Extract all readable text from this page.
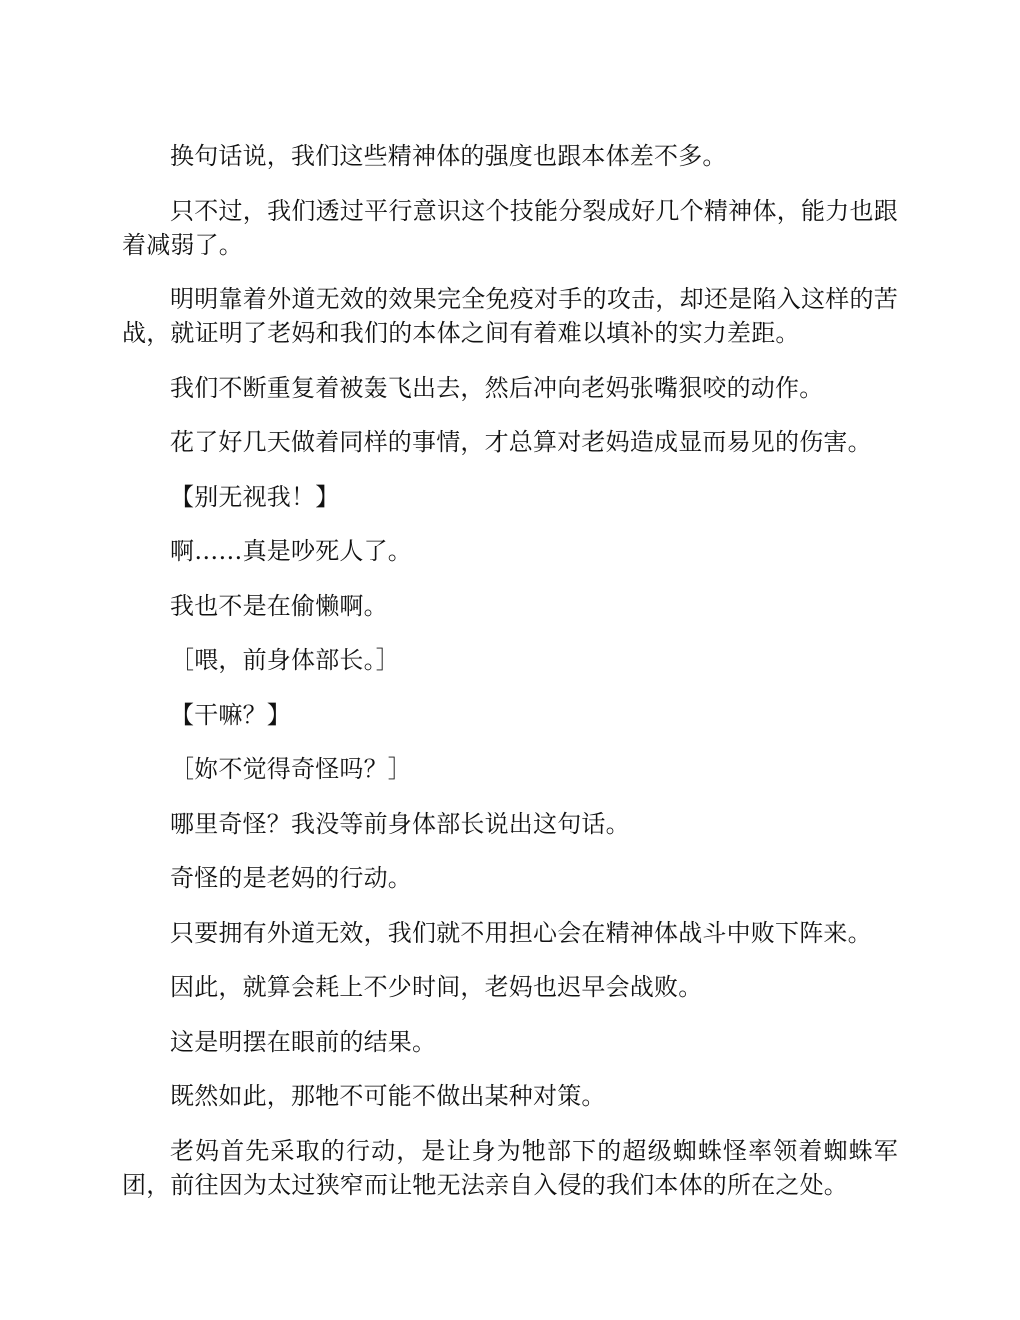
换句话说，我们这些精神体的强度也跟本体差不多。

只不过，我们透过平行意识这个技能分裂成好几个精神体，能力也跟着减弱了。

明明靠着外道无效的效果完全免疫对手的攻击，却还是陷入这样的苦战，就证明了老妈和我们的本体之间有着难以填补的实力差距。

我们不断重复着被轰飞出去，然后冲向老妈张嘴狠咬的动作。

花了好几天做着同样的事情，才总算对老妈造成显而易见的伤害。

【别无视我！】

啊……真是吵死人了。

我也不是在偷懒啊。

［喂，前身体部长。］

【干嘛？】

［妳不觉得奇怪吗？］

哪里奇怪？我没等前身体部长说出这句话。

奇怪的是老妈的行动。

只要拥有外道无效，我们就不用担心会在精神体战斗中败下阵来。

因此，就算会耗上不少时间，老妈也迟早会战败。

这是明摆在眼前的结果。

既然如此，那牠不可能不做出某种对策。

老妈首先采取的行动，是让身为牠部下的超级蜘蛛怪率领着蜘蛛军团，前往因为太过狭窄而让牠无法亲自入侵的我们本体的所在之处。
